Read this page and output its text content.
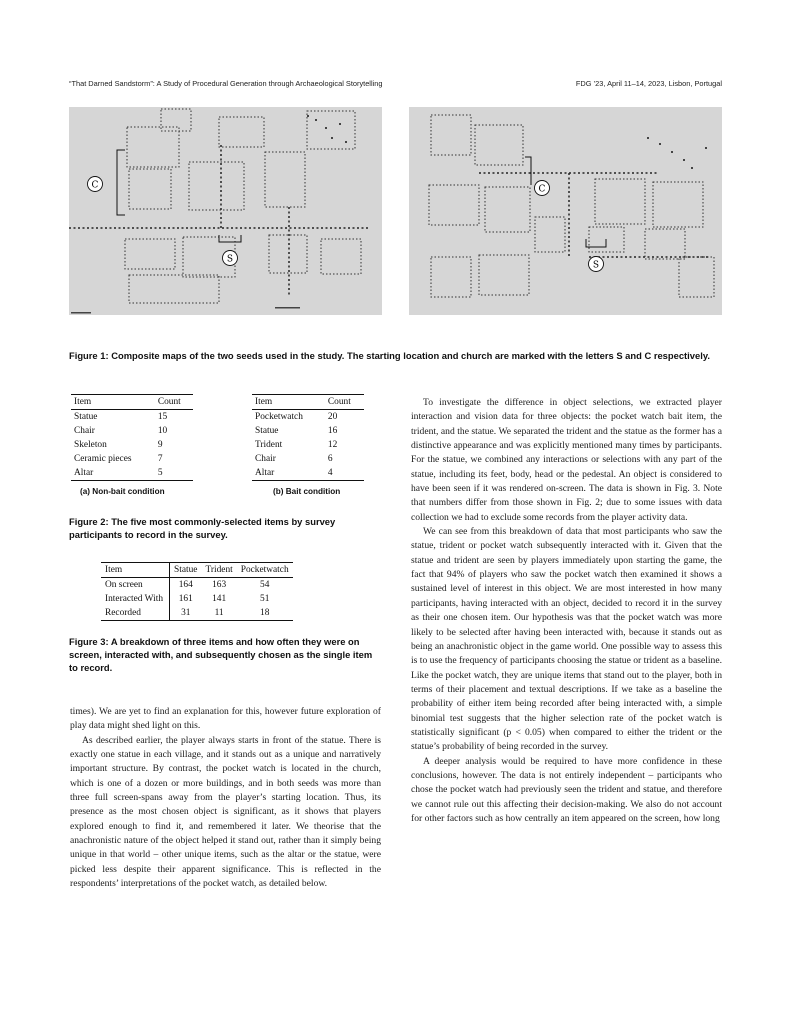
“That Darned Sandstorm”: A Study of Procedural Generation through Archaeological Storytelling	FDG ’23, April 11–14, 2023, Lisbon, Portugal
C
S
C
S
Figure 1: Composite maps of the two seeds used in the study. The starting location and church are marked with the letters S and C respectively.
Item	Count
Statue	15
Chair	10
Skeleton	9
Ceramic pieces	7
Altar	5
(a) Non-bait condition
Item	Count
Pocketwatch	20
Statue	16
Trident	12
Chair	6
Altar	4
(b) Bait condition
Figure 2: The five most commonly-selected items by survey participants to record in the survey.
Item	Statue	Trident	Pocketwatch
On screen	164	163	54
Interacted With	161	141	51
Recorded	31	11	18
Figure 3: A breakdown of three items and how often they were on screen, interacted with, and subsequently chosen as the single item to record.

times). We are yet to find an explanation for this, however future exploration of play data might shed light on this.

As described earlier, the player always starts in front of the statue. There is exactly one statue in each village, and it stands out as a unique and narratively important structure. By contrast, the pocket watch is located in the church, which is one of a dozen or more buildings, and in both seeds was more than three full screen-spans away from the player’s starting location. Thus, its presence as the most chosen object is significant, as it shows that players explored enough to find it, and remembered it later. We theorise that the anachronistic nature of the object helped it stand out, rather than it simply being unique in that world – other unique items, such as the altar or the statue, were picked less despite their apparent significance. This is reflected in the respondents’ interpretations of the pocket watch, as detailed below.

To investigate the difference in object selections, we extracted player interaction and vision data for three objects: the pocket watch bait item, the trident, and the statue. We separated the trident and the statue as the former has a distinctive appearance and was explicitly mentioned many times by participants. For the statue, we combined any interactions or selections with any part of the statue, including its feet, body, head or the pedestal. An object is considered to have been seen if it was rendered on-screen. The data is shown in Fig. 3. Note that numbers differ from those shown in Fig. 2; due to some issues with data collection we had to exclude some records from the player activity data.

We can see from this breakdown of data that most participants who saw the statue, trident or pocket watch subsequently interacted with it. Given that the statue and trident are seen by players immediately upon starting the game, the fact that 94% of players who saw the pocket watch then examined it shows a sustained level of interest in this object. We are most interested in how many participants, having interacted with an object, decided to record it in the survey as their one chosen item. Our hypothesis was that the pocket watch was more likely to be selected after having been interacted with, because it stands out as being an anachronistic object in the game world. One possible way to assess this is to use the frequency of participants choosing the statue or trident as a baseline. Like the pocket watch, they are unique items that stand out to the player, both in terms of their placement and textual descriptions. If we take as a baseline the probability of either item being recorded after being interacted with, a simple binomial test suggests that the higher selection rate of the pocket watch is statistically significant (p < 0.05) when compared to either the trident or the statue’s probability of being recorded in the survey.

A deeper analysis would be required to have more confidence in these conclusions, however. The data is not entirely independent – participants who chose the pocket watch had previously seen the trident and statue, and therefore we cannot rule out this affecting their decision-making. We also do not account for other factors such as how centrally an item appeared on the screen, how long
